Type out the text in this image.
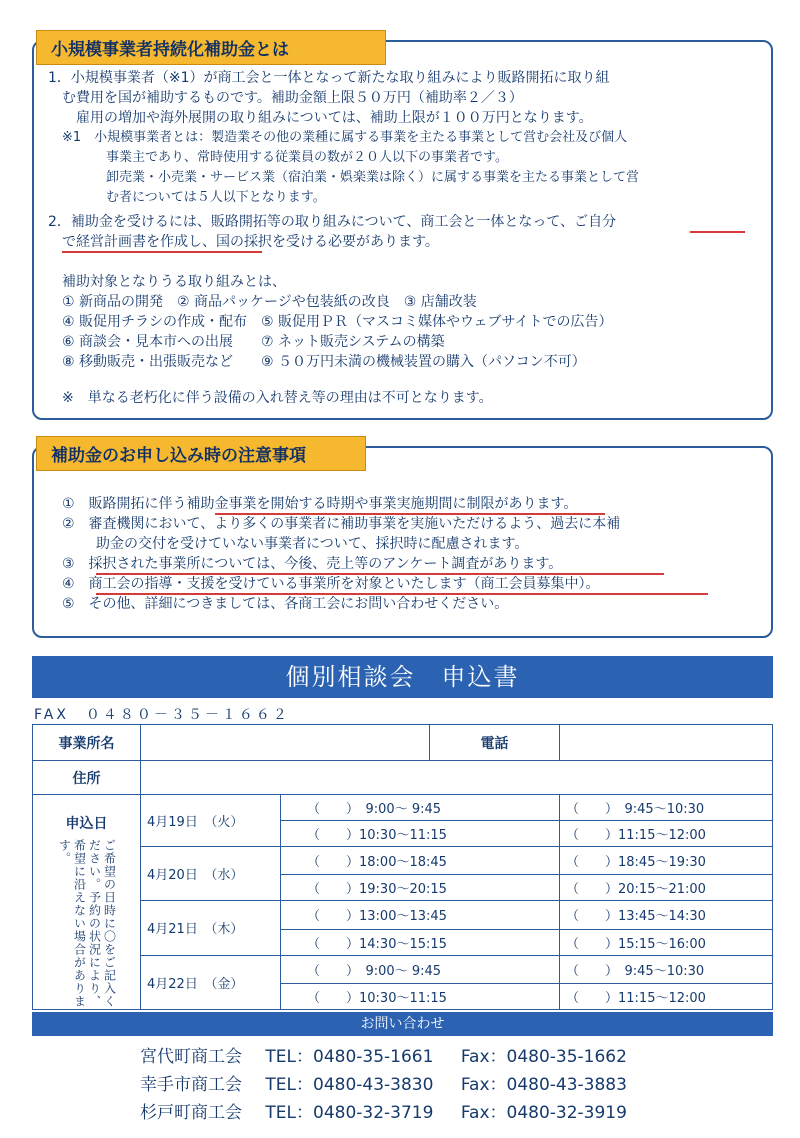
小規模事業者持続化補助金とは
1．小規模事業者（※1）が商工会と一体となって新たな取り組みにより販路開拓に取り組
む費用を国が補助するものです。補助金額上限５０万円（補助率２／３）
雇用の増加や海外展開の取り組みについては、補助上限が１００万円となります。
※1　小規模事業者とは：製造業その他の業種に属する事業を主たる事業として営む会社及び個人
事業主であり、常時使用する従業員の数が２０人以下の事業者です。
卸売業・小売業・サービス業（宿泊業・娯楽業は除く）に属する事業を主たる事業として営
む者については５人以下となります。
2．補助金を受けるには、販路開拓等の取り組みについて、商工会と一体となって、ご自分
で経営計画書を作成し、国の採択を受ける必要があります。
補助対象となりうる取り組みとは、
① 新商品の開発　② 商品パッケージや包装紙の改良　③ 店舗改装
④ 販促用チラシの作成・配布　⑤ 販促用ＰＲ（マスコミ媒体やウェブサイトでの広告）
⑥ 商談会・見本市への出展　　⑦ ネット販売システムの構築
⑧ 移動販売・出張販売など　　⑨ ５０万円未満の機械装置の購入（パソコン不可）
※　単なる老朽化に伴う設備の入れ替え等の理由は不可となります。
補助金のお申し込み時の注意事項
①　販路開拓に伴う補助金事業を開始する時期や事業実施期間に制限があります。
②　審査機関において、より多くの事業者に補助事業を実施いただけるよう、過去に本補
助金の交付を受けていない事業者について、採択時に配慮されます。
③　採択された事業所については、今後、売上等のアンケート調査があります。
④　商工会の指導・支援を受けている事業所を対象といたします（商工会員募集中）。
⑤　その他、詳細につきましては、各商工会にお問い合わせください。
個別相談会　申込書
FAX　０４８０－３５－１６６２
事業所名			電話	
住所				

申込日
ご希望の日時に〇をご記入ください。予約の状況により、希望に沿えない場合があります。	4月19日　 （火）	（　　）　9:00～ 9:45		（　　）　9:45～10:30
		（　　）10:30～11:15		（　　）11:15～12:00
	4月20日　 （水）	（　　）18:00～18:45		（　　）18:45～19:30
		（　　）19:30～20:15		（　　）20:15～21:00
	4月21日　 （木）	（　　）13:00～13:45		（　　）13:45～14:30
		（　　）14:30～15:15		（　　）15:15～16:00
	4月22日　 （金）	（　　）　9:00～ 9:45		（　　）　9:45～10:30
		（　　）10:30～11:15		（　　）11:15～12:00
お問い合わせ
宮代町商工会 TEL：0480-35-1661 Fax：0480-35-1662
幸手市商工会 TEL：0480-43-3830 Fax：0480-43-3883
杉戸町商工会 TEL：0480-32-3719 Fax：0480-32-3919
